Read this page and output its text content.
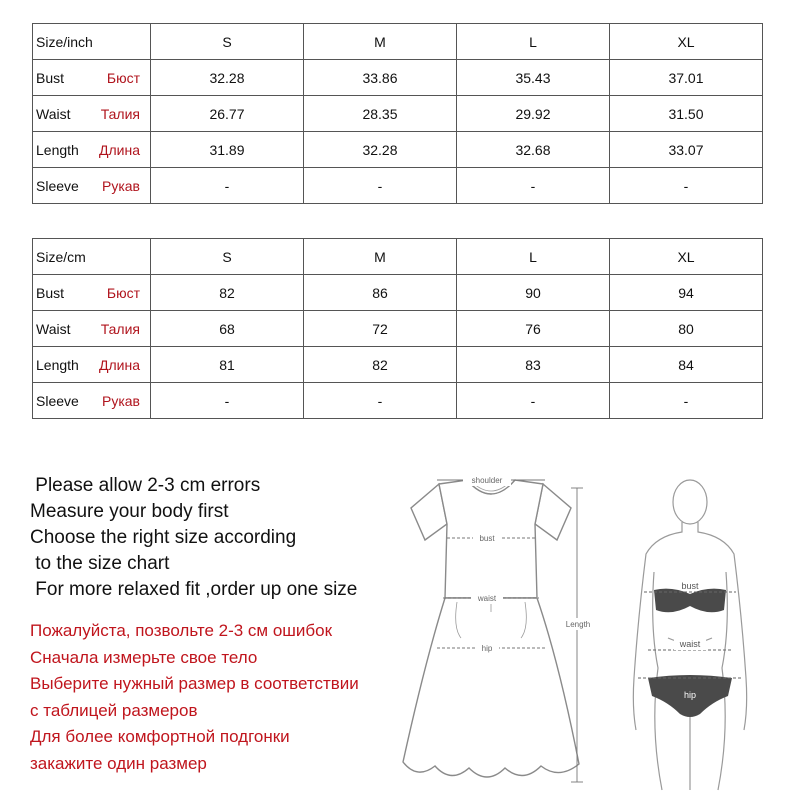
Size/inch	S	M	L	XL
Bust Бюст	32.28	33.86	35.43	37.01
Waist Талия	26.77	28.35	29.92	31.50
Length Длина	31.89	32.28	32.68	33.07
Sleeve Рукав	-	-	-	-
Size/cm	S	M	L	XL
Bust Бюст	82	86	90	94
Waist Талия	68	72	76	80
Length Длина	81	82	83	84
Sleeve Рукав	-	-	-	-
Please allow 2-3 cm errors
Measure your body first
Choose the right size according
to the size chart
For more relaxed fit ,order up one size
Пожалуйста, позвольте 2-3 см ошибок
Сначала измерьте свое тело
Выберите нужный размер в соответствии
с таблицей размеров
Для более комфортной подгонки
закажите один размер
shoulder
bust
waist
hip
Length
bust
waist
hip
